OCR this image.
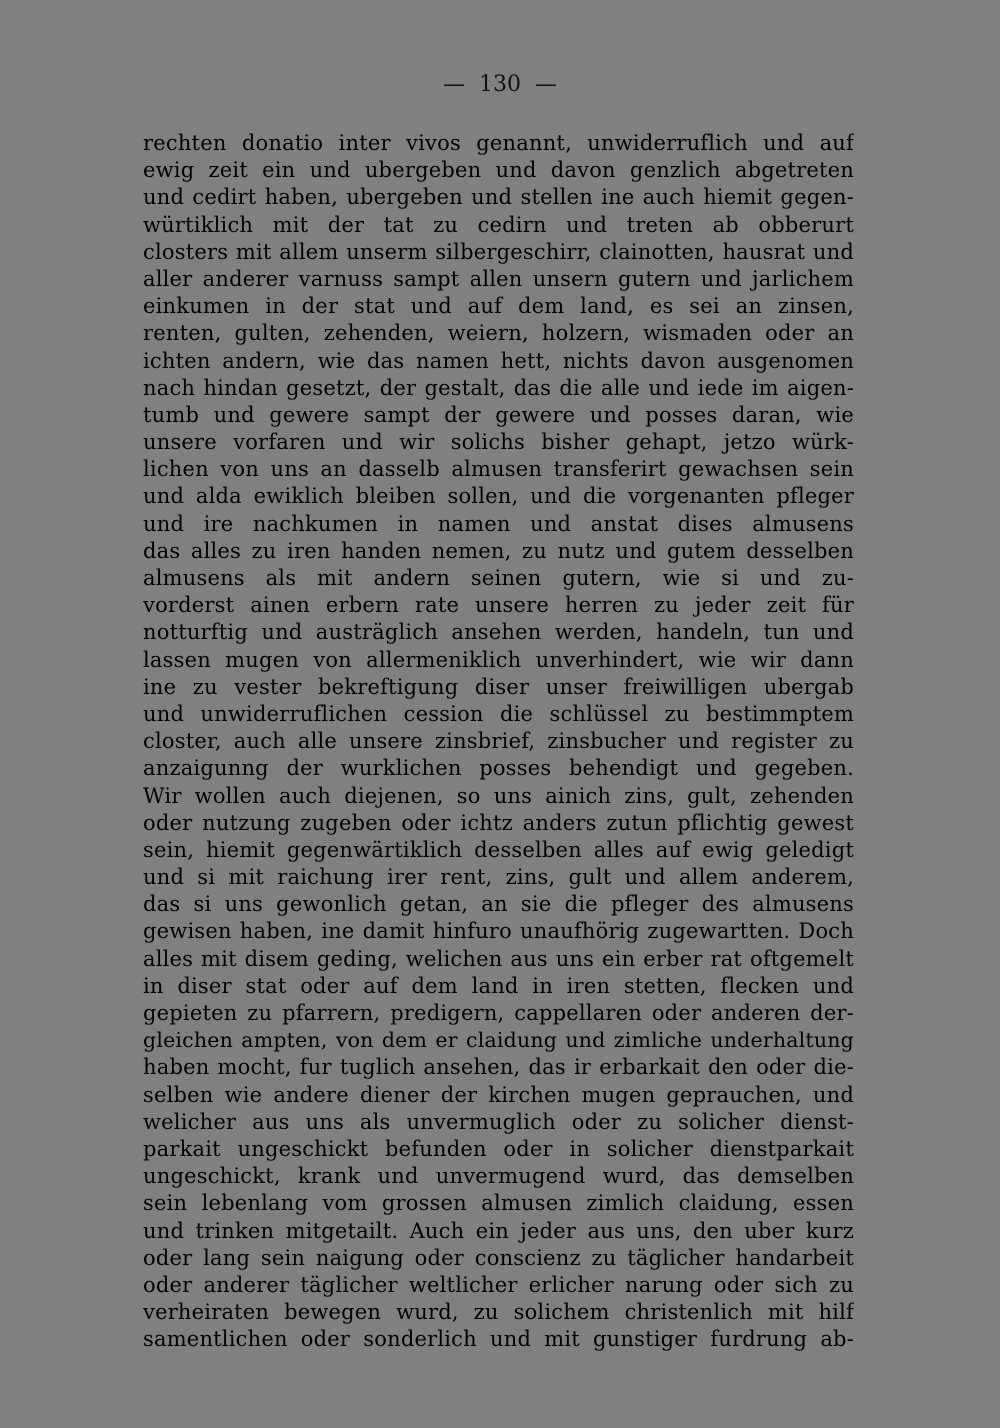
— 130 —
rechten donatio inter vivos genannt, unwiderruflich und auf
ewig zeit ein und ubergeben und davon genzlich abgetreten
und cedirt haben, ubergeben und stellen ine auch hiemit gegen-
würtiklich mit der tat zu cedirn und treten ab obberurt
closters mit allem unserm silbergeschirr, clainotten, hausrat und
aller anderer varnuss sampt allen unsern gutern und jarlichem
einkumen in der stat und auf dem land, es sei an zinsen,
renten, gulten, zehenden, weiern, holzern, wismaden oder an
ichten andern, wie das namen hett, nichts davon ausgenomen
nach hindan gesetzt, der gestalt, das die alle und iede im aigen-
tumb und gewere sampt der gewere und posses daran, wie
unsere vorfaren und wir solichs bisher gehapt, jetzo würk-
lichen von uns an dasselb almusen transferirt gewachsen sein
und alda ewiklich bleiben sollen, und die vorgenanten pfleger
und ire nachkumen in namen und anstat dises almusens
das alles zu iren handen nemen, zu nutz und gutem desselben
almusens als mit andern seinen gutern, wie si und zu-
vorderst ainen erbern rate unsere herren zu jeder zeit für
notturftig und austräglich ansehen werden, handeln, tun und
lassen mugen von allermeniklich unverhindert, wie wir dann
ine zu vester bekreftigung diser unser freiwilligen ubergab
und unwiderruflichen cession die schlüssel zu bestimmptem
closter, auch alle unsere zinsbrief, zinsbucher und register zu
anzaigunng der wurklichen posses behendigt und gegeben.
Wir wollen auch diejenen, so uns ainich zins, gult, zehenden
oder nutzung zugeben oder ichtz anders zutun pflichtig gewest
sein, hiemit gegenwärtiklich desselben alles auf ewig geledigt
und si mit raichung irer rent, zins, gult und allem anderem,
das si uns gewonlich getan, an sie die pfleger des almusens
gewisen haben, ine damit hinfuro unaufhörig zugewartten. Doch
alles mit disem geding, welichen aus uns ein erber rat oftgemelt
in diser stat oder auf dem land in iren stetten, flecken und
gepieten zu pfarrern, predigern, cappellaren oder anderen der-
gleichen ampten, von dem er claidung und zimliche underhaltung
haben mocht, fur tuglich ansehen, das ir erbarkait den oder die-
selben wie andere diener der kirchen mugen geprauchen, und
welicher aus uns als unvermuglich oder zu solicher dienst-
parkait ungeschickt befunden oder in solicher dienstparkait
ungeschickt, krank und unvermugend wurd, das demselben
sein lebenlang vom grossen almusen zimlich claidung, essen
und trinken mitgetailt. Auch ein jeder aus uns, den uber kurz
oder lang sein naigung oder conscienz zu täglicher handarbeit
oder anderer täglicher weltlicher erlicher narung oder sich zu
verheiraten bewegen wurd, zu solichem christenlich mit hilf
samentlichen oder sonderlich und mit gunstiger furdrung ab-
